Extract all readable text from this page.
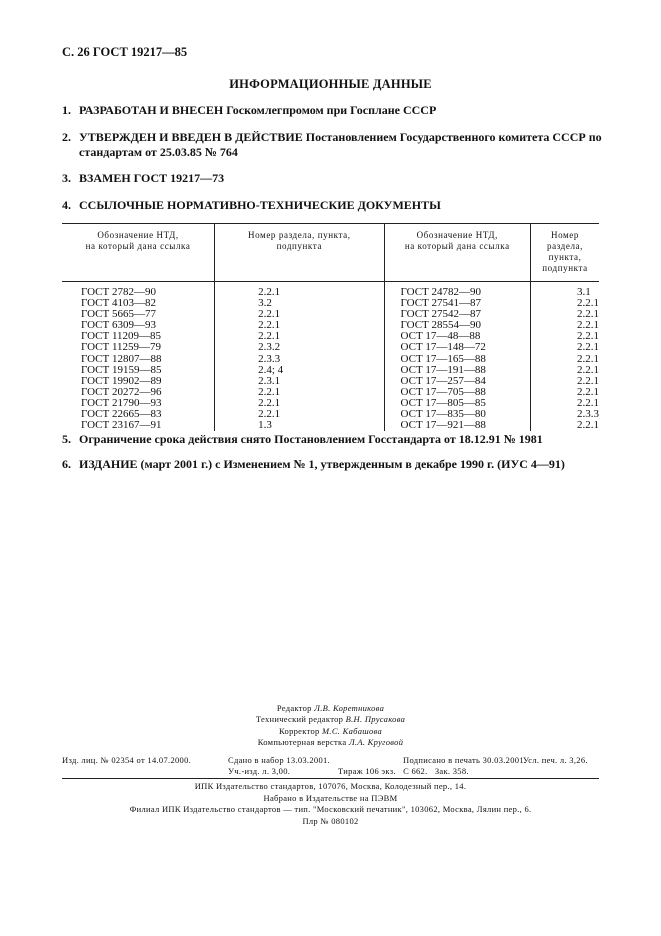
С. 26 ГОСТ 19217—85
ИНФОРМАЦИОННЫЕ ДАННЫЕ
1. РАЗРАБОТАН И ВНЕСЕН Госкомлегпромом при Госплане СССР
2. УТВЕРЖДЕН И ВВЕДЕН В ДЕЙСТВИЕ Постановлением Государственного комитета СССР по
стандартам от 25.03.85 № 764
3. ВЗАМЕН ГОСТ 19217—73
4. ССЫЛОЧНЫЕ НОРМАТИВНО-ТЕХНИЧЕСКИЕ ДОКУМЕНТЫ
Обозначение НТД,
на который дана ссылка	Номер раздела, пункта,
подпункта	Обозначение НТД,
на который дана ссылка	Номер раздела, пункта,
подпункта
ГОСТ 2782—90	2.2.1	ГОСТ 24782—90	3.1
ГОСТ 4103—82	3.2	ГОСТ 27541—87	2.2.1
ГОСТ 5665—77	2.2.1	ГОСТ 27542—87	2.2.1
ГОСТ 6309—93	2.2.1	ГОСТ 28554—90	2.2.1
ГОСТ 11209—85	2.2.1	ОСТ 17—48—88	2.2.1
ГОСТ 11259—79	2.3.2	ОСТ 17—148—72	2.2.1
ГОСТ 12807—88	2.3.3	ОСТ 17—165—88	2.2.1
ГОСТ 19159—85	2.4; 4	ОСТ 17—191—88	2.2.1
ГОСТ 19902—89	2.3.1	ОСТ 17—257—84	2.2.1
ГОСТ 20272—96	2.2.1	ОСТ 17—705—88	2.2.1
ГОСТ 21790—93	2.2.1	ОСТ 17—805—85	2.2.1
ГОСТ 22665—83	2.2.1	ОСТ 17—835—80	2.3.3
ГОСТ 23167—91	1.3	ОСТ 17—921—88	2.2.1
5. Ограничение срока действия снято Постановлением Госстандарта от 18.12.91 № 1981
6. ИЗДАНИЕ (март 2001 г.) с Изменением № 1, утвержденным в декабре 1990 г. (ИУС 4—91)
Редактор Л.В. Коретникова
Технический редактор В.Н. Прусакова
Корректор М.С. Кабашова
Компьютерная верстка Л.А. Круговой
Изд. лиц. № 02354 от 14.07.2000.	Сдано в набор 13.03.2001.
Уч.-изд. л. 3,00.
Подписано в печать 30.03.2001.
Тираж 106 экз. С 662. Зак. 358.
Усл. печ. л. 3,26.
ИПК Издательство стандартов, 107076, Москва, Колодезный пер., 14.
Набрано в Издательстве на ПЭВМ
Филиал ИПК Издательство стандартов — тип. "Московский печатник", 103062, Москва, Лялин пер., 6.
Плр № 080102
